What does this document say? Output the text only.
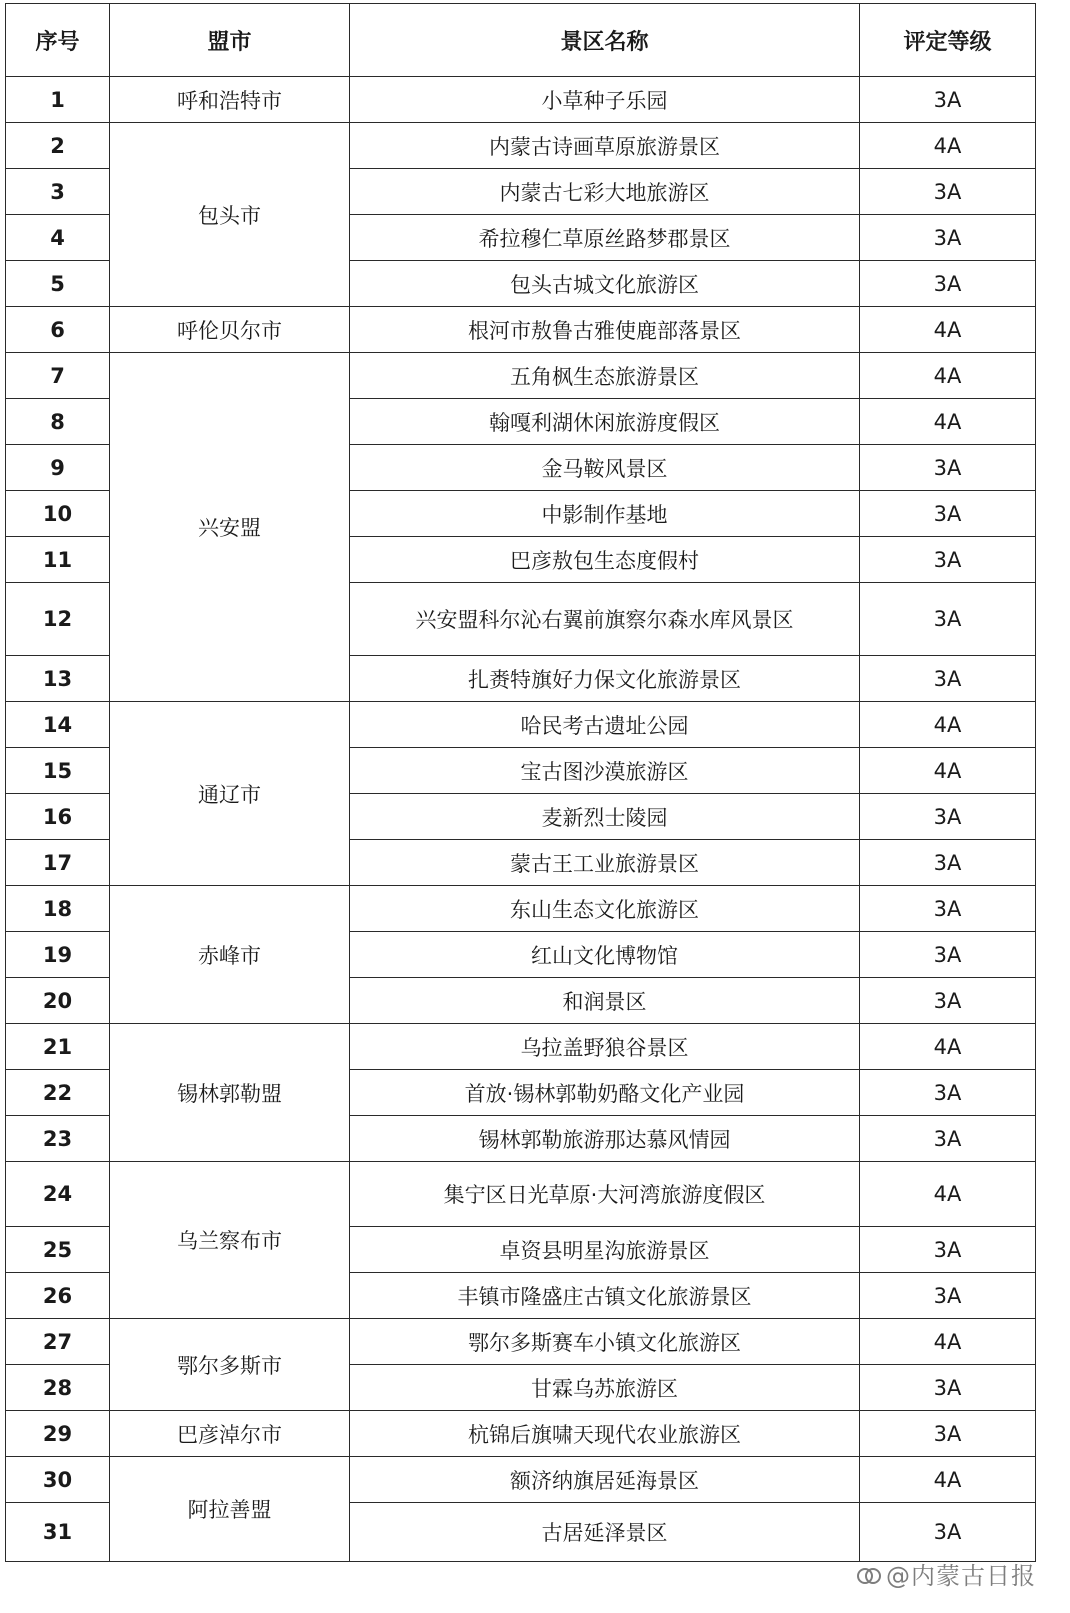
序号	盟市	景区名称	评定等级
1	呼和浩特市	小草种子乐园	3A
2	包头市	内蒙古诗画草原旅游景区	4A
3		内蒙古七彩大地旅游区	3A
4		希拉穆仁草原丝路梦郡景区	3A
5		包头古城文化旅游区	3A
6	呼伦贝尔市	根河市敖鲁古雅使鹿部落景区	4A
7	兴安盟	五角枫生态旅游景区	4A
8		翰嘎利湖休闲旅游度假区	4A
9		金马鞍风景区	3A
10		中影制作基地	3A
11		巴彦敖包生态度假村	3A
12		兴安盟科尔沁右翼前旗察尔森水库风景区	3A
13		扎赉特旗好力保文化旅游景区	3A
14	通辽市	哈民考古遗址公园	4A
15		宝古图沙漠旅游区	4A
16		麦新烈士陵园	3A
17		蒙古王工业旅游景区	3A
18	赤峰市	东山生态文化旅游区	3A
19		红山文化博物馆	3A
20		和润景区	3A
21	锡林郭勒盟	乌拉盖野狼谷景区	4A
22		首放·锡林郭勒奶酪文化产业园	3A
23		锡林郭勒旅游那达慕风情园	3A
24	乌兰察布市	集宁区日光草原·大河湾旅游度假区	4A
25		卓资县明星沟旅游景区	3A
26		丰镇市隆盛庄古镇文化旅游景区	3A
27	鄂尔多斯市	鄂尔多斯赛车小镇文化旅游区	4A
28		甘霖乌苏旅游区	3A
29	巴彦淖尔市	杭锦后旗啸天现代农业旅游区	3A
30	阿拉善盟	额济纳旗居延海景区	4A
31		古居延泽景区	3A
@内蒙古日报
